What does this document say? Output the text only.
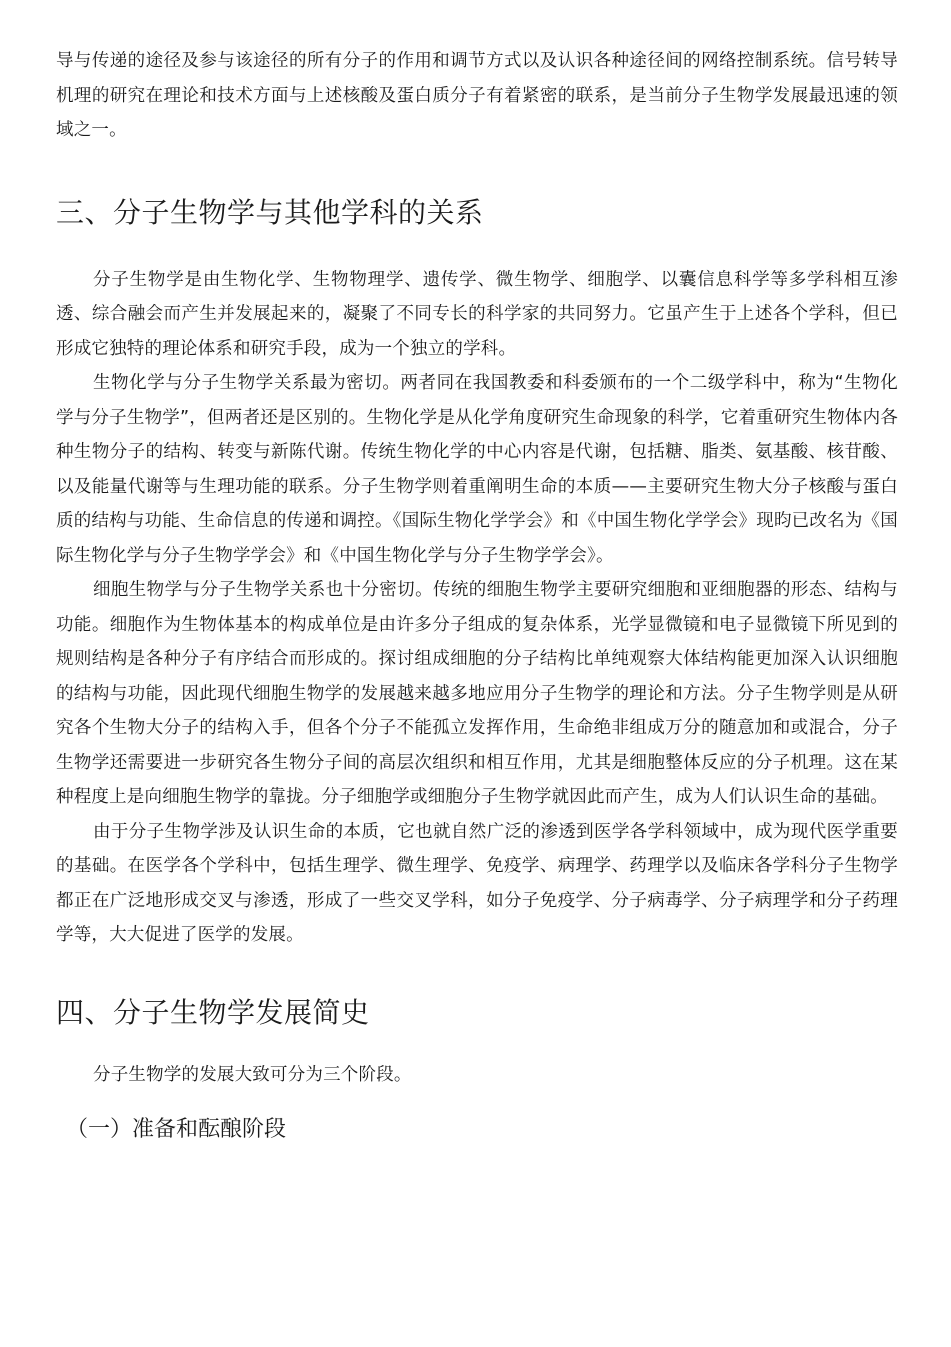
导与传递的途径及参与该途径的所有分子的作用和调节方式以及认识各种途径间的网络控制系统。信号转导机理的研究在理论和技术方面与上述核酸及蛋白质分子有着紧密的联系，是当前分子生物学发展最迅速的领域之一。

三、分子生物学与其他学科的关系

分子生物学是由生物化学、生物物理学、遗传学、微生物学、细胞学、以囊信息科学等多学科相互渗透、综合融会而产生并发展起来的，凝聚了不同专长的科学家的共同努力。它虽产生于上述各个学科，但已形成它独特的理论体系和研究手段，成为一个独立的学科。

生物化学与分子生物学关系最为密切。两者同在我国教委和科委颁布的一个二级学科中，称为“生物化学与分子生物学”，但两者还是区别的。生物化学是从化学角度研究生命现象的科学，它着重研究生物体内各种生物分子的结构、转变与新陈代谢。传统生物化学的中心内容是代谢，包括糖、脂类、氨基酸、核苷酸、以及能量代谢等与生理功能的联系。分子生物学则着重阐明生命的本质——主要研究生物大分子核酸与蛋白质的结构与功能、生命信息的传递和调控。《国际生物化学学会》和《中国生物化学学会》现昀已改名为《国际生物化学与分子生物学学会》和《中国生物化学与分子生物学学会》。

细胞生物学与分子生物学关系也十分密切。传统的细胞生物学主要研究细胞和亚细胞器的形态、结构与功能。细胞作为生物体基本的构成单位是由许多分子组成的复杂体系，光学显微镜和电子显微镜下所见到的规则结构是各种分子有序结合而形成的。探讨组成细胞的分子结构比单纯观察大体结构能更加深入认识细胞的结构与功能，因此现代细胞生物学的发展越来越多地应用分子生物学的理论和方法。分子生物学则是从研究各个生物大分子的结构入手，但各个分子不能孤立发挥作用，生命绝非组成万分的随意加和或混合，分子生物学还需要进一步研究各生物分子间的高层次组织和相互作用，尤其是细胞整体反应的分子机理。这在某种程度上是向细胞生物学的靠拢。分子细胞学或细胞分子生物学就因此而产生，成为人们认识生命的基础。

由于分子生物学涉及认识生命的本质，它也就自然广泛的渗透到医学各学科领域中，成为现代医学重要的基础。在医学各个学科中，包括生理学、微生理学、免疫学、病理学、药理学以及临床各学科分子生物学都正在广泛地形成交叉与渗透，形成了一些交叉学科，如分子免疫学、分子病毒学、分子病理学和分子药理学等，大大促进了医学的发展。

四、分子生物学发展简史

分子生物学的发展大致可分为三个阶段。

（一）准备和酝酿阶段
